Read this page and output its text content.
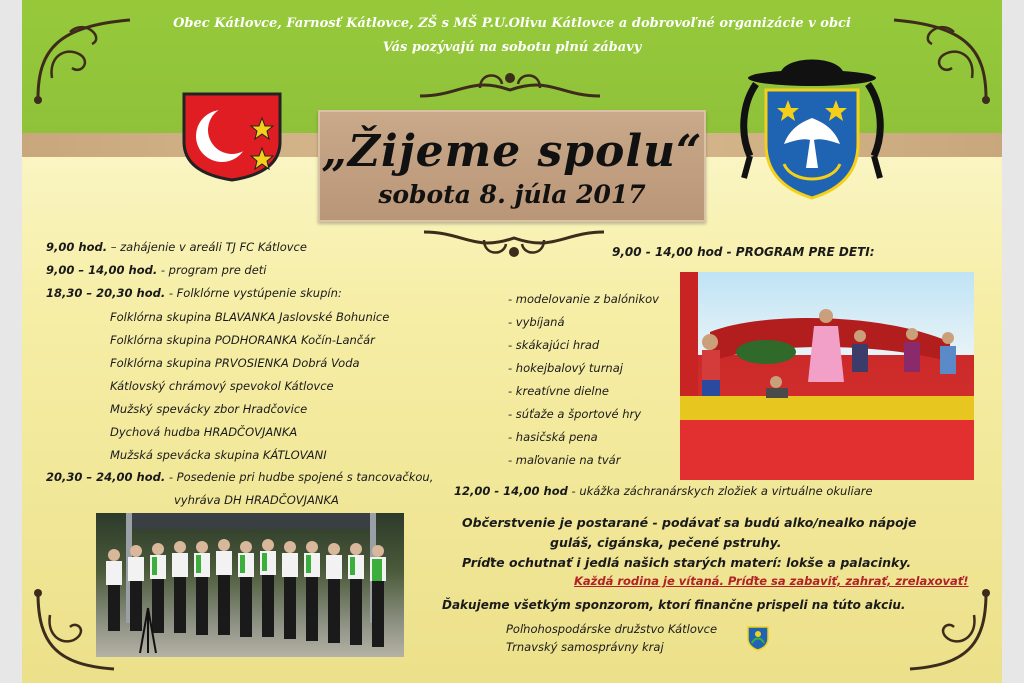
Obec Kátlovce, Farnosť Kátlovce, ZŠ s MŠ P.U.Olivu Kátlovce a dobrovoľné organizácie v obci
Vás pozývajú na sobotu plnú zábavy
„Žijeme spolu“
sobota 8. júla 2017
9,00 hod. – zahájenie v areáli TJ FC Kátlovce
9,00 – 14,00 hod. - program pre deti
18,30 – 20,30 hod. - Folklórne vystúpenie skupín:
Folklórna skupina BLAVANKA Jaslovské Bohunice
Folklórna skupina PODHORANKA Kočín-Lančár
Folklórna skupina PRVOSIENKA Dobrá Voda
Kátlovský chrámový spevokol Kátlovce
Mužský spevácky zbor Hradčovice
Dychová hudba HRADČOVJANKA
Mužská spevácka skupina KÁTLOVANI
20,30 – 24,00 hod. - Posedenie pri hudbe spojené s tancovačkou,
vyhráva DH HRADČOVJANKA
9,00 - 14,00 hod - PROGRAM PRE DETI:
- modelovanie z balónikov
- vybíjaná
- skákajúci hrad
- hokejbalový turnaj
- kreatívne dielne
- súťaže a športové hry
- hasičská pena
- maľovanie na tvár
12,00 - 14,00 hod - ukážka záchranárskych zložiek a virtuálne okuliare
Občerstvenie je postarané - podávať sa budú alko/nealko nápoje
guláš, cigánska, pečené pstruhy.
Príďte ochutnať i jedlá našich starých materí: lokše a palacinky.
Každá rodina je vítaná. Príďte sa zabaviť, zahrať, zrelaxovať!
Ďakujeme všetkým sponzorom, ktorí finančne prispeli na túto akciu.
Poľnohospodárske družstvo Kátlovce
Trnavský samosprávny kraj
